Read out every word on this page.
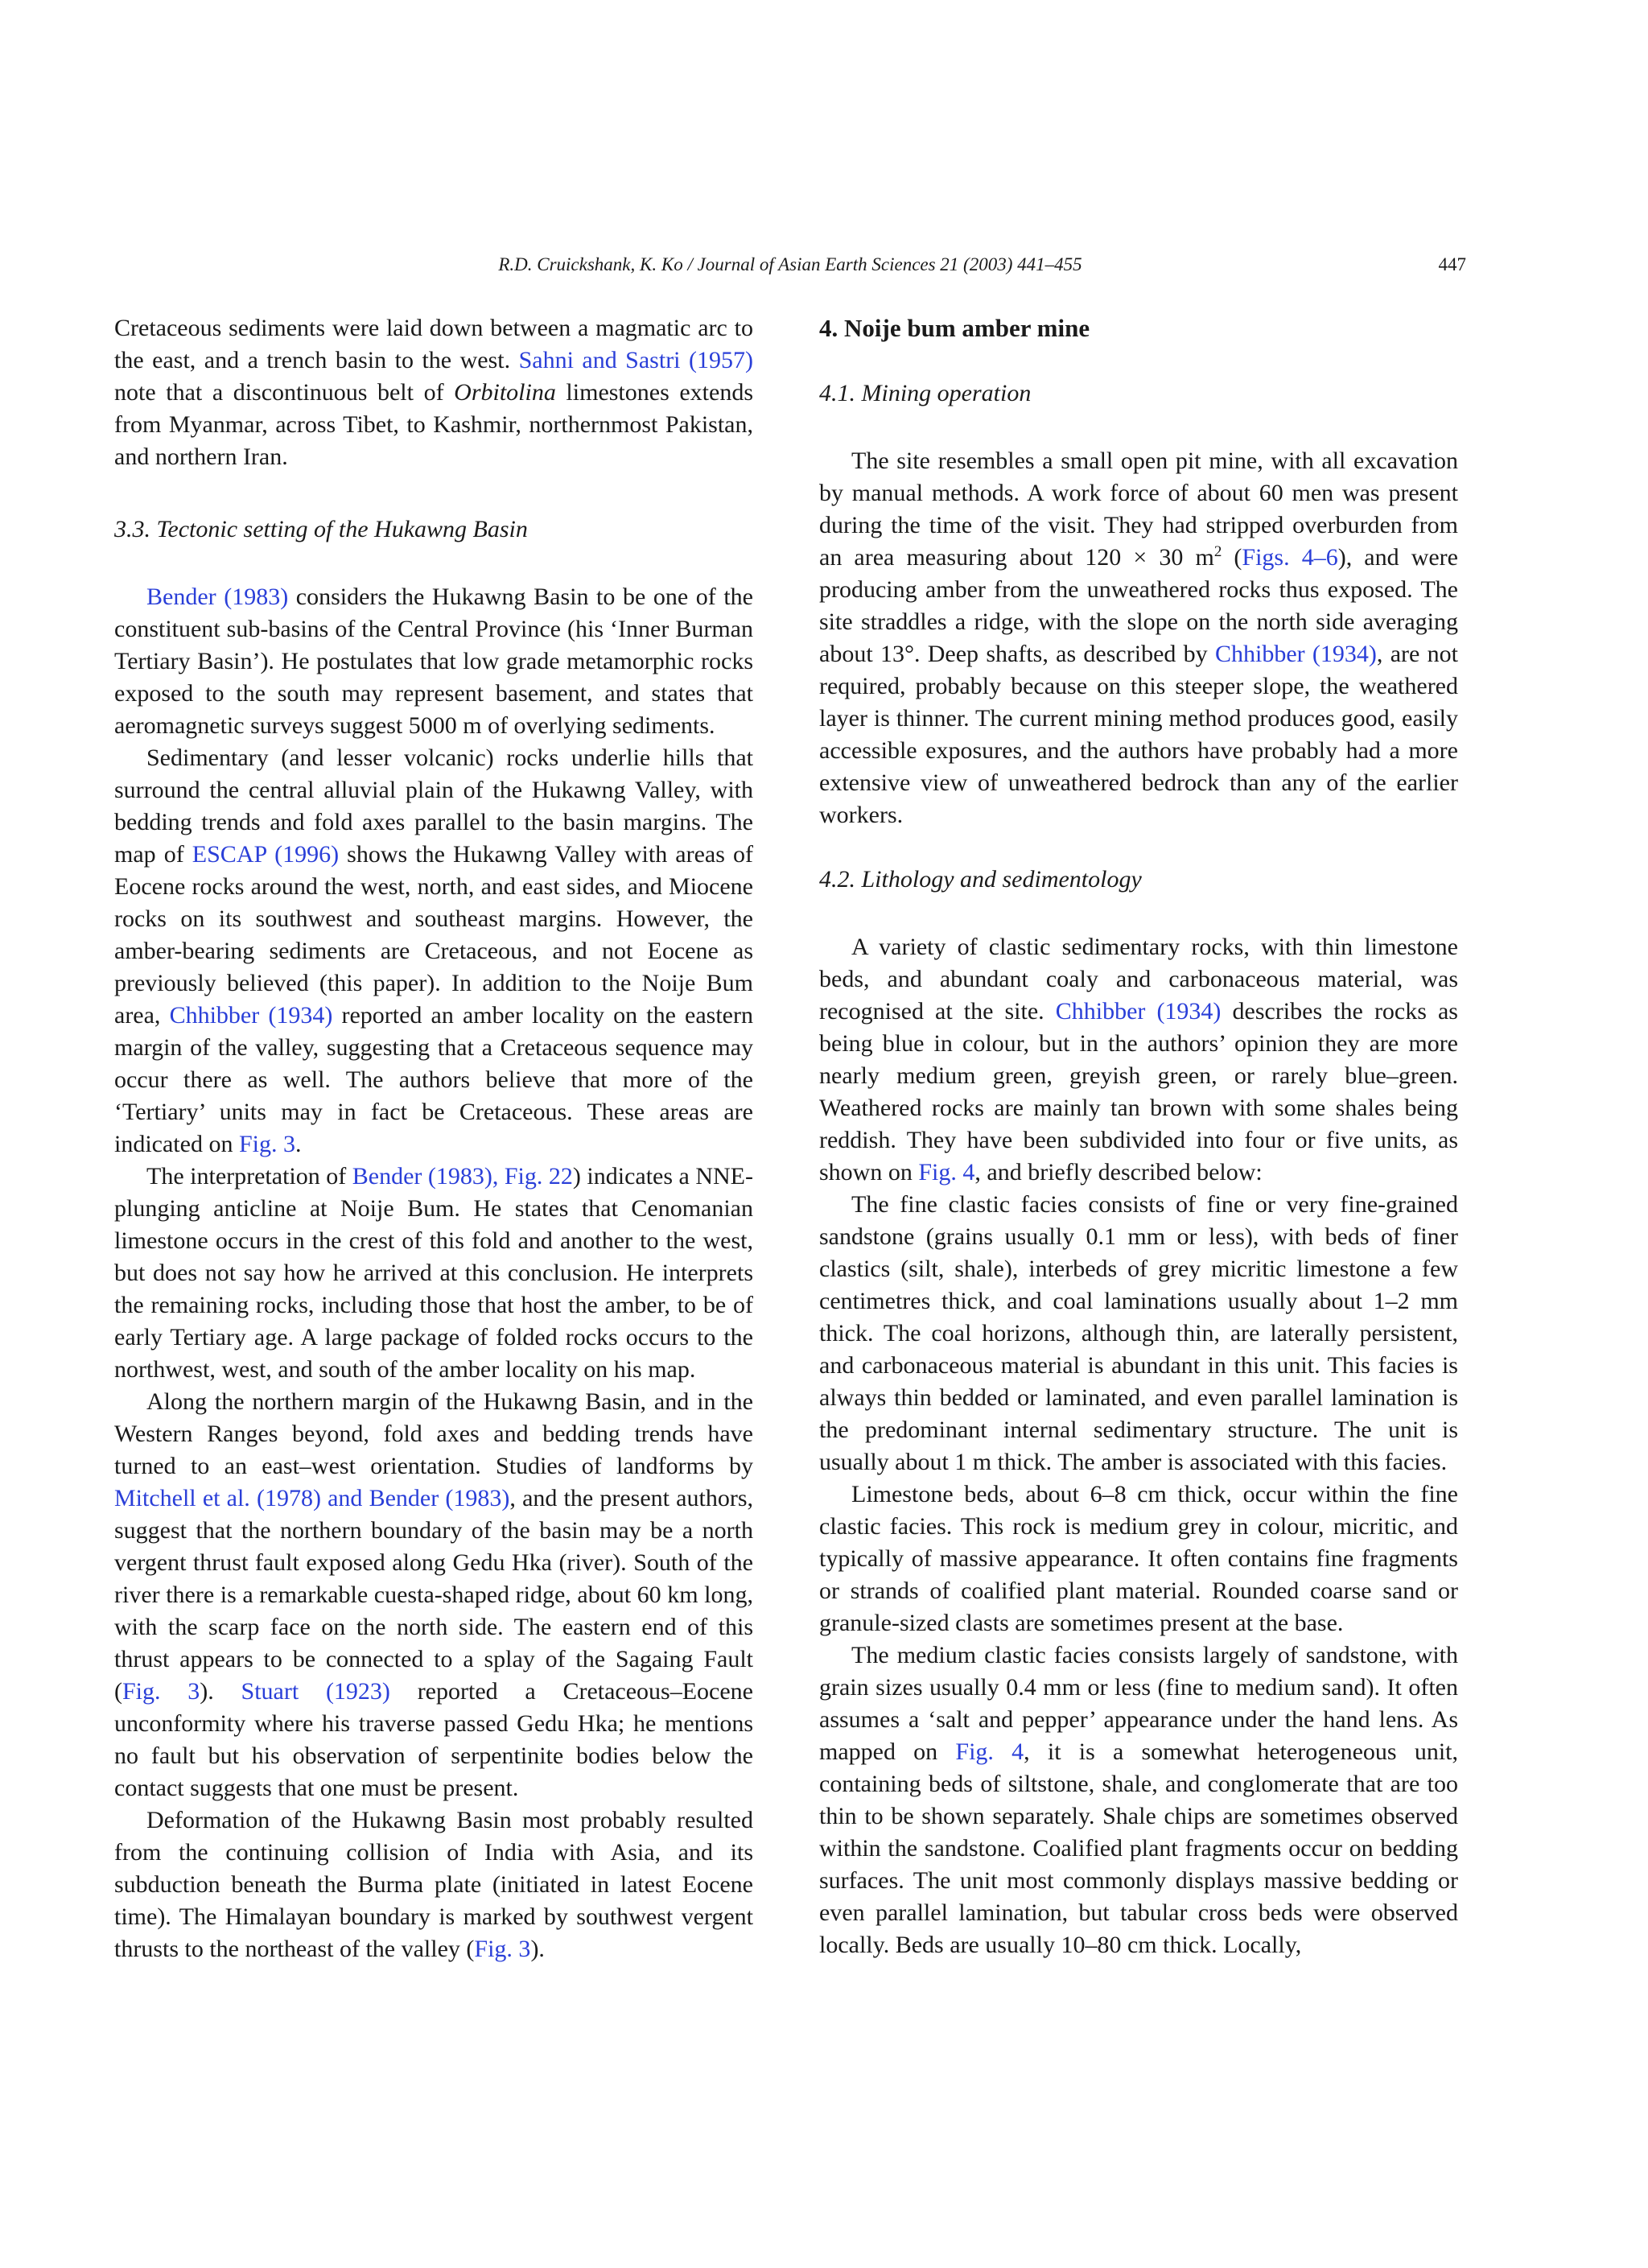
R.D. Cruickshank, K. Ko / Journal of Asian Earth Sciences 21 (2003) 441–455	447

Cretaceous sediments were laid down between a magmatic arc to the east, and a trench basin to the west. Sahni and Sastri (1957) note that a discontinuous belt of Orbitolina limestones extends from Myanmar, across Tibet, to Kashmir, northernmost Pakistan, and northern Iran.

3.3. Tectonic setting of the Hukawng Basin

Bender (1983) considers the Hukawng Basin to be one of the constituent sub-basins of the Central Province (his ‘Inner Burman Tertiary Basin’). He postulates that low grade metamorphic rocks exposed to the south may represent basement, and states that aeromagnetic surveys suggest 5000 m of overlying sediments.

Sedimentary (and lesser volcanic) rocks underlie hills that surround the central alluvial plain of the Hukawng Valley, with bedding trends and fold axes parallel to the basin margins. The map of ESCAP (1996) shows the Hukawng Valley with areas of Eocene rocks around the west, north, and east sides, and Miocene rocks on its southwest and southeast margins. However, the amber-bearing sediments are Cretaceous, and not Eocene as previously believed (this paper). In addition to the Noije Bum area, Chhibber (1934) reported an amber locality on the eastern margin of the valley, suggesting that a Cretaceous sequence may occur there as well. The authors believe that more of the ‘Tertiary’ units may in fact be Cretaceous. These areas are indicated on Fig. 3.

The interpretation of Bender (1983), Fig. 22) indicates a NNE-plunging anticline at Noije Bum. He states that Cenomanian limestone occurs in the crest of this fold and another to the west, but does not say how he arrived at this conclusion. He interprets the remaining rocks, including those that host the amber, to be of early Tertiary age. A large package of folded rocks occurs to the northwest, west, and south of the amber locality on his map.

Along the northern margin of the Hukawng Basin, and in the Western Ranges beyond, fold axes and bedding trends have turned to an east–west orientation. Studies of landforms by Mitchell et al. (1978) and Bender (1983), and the present authors, suggest that the northern boundary of the basin may be a north vergent thrust fault exposed along Gedu Hka (river). South of the river there is a remarkable cuesta-shaped ridge, about 60 km long, with the scarp face on the north side. The eastern end of this thrust appears to be connected to a splay of the Sagaing Fault (Fig. 3). Stuart (1923) reported a Cretaceous–Eocene unconformity where his traverse passed Gedu Hka; he mentions no fault but his observation of serpentinite bodies below the contact suggests that one must be present.

Deformation of the Hukawng Basin most probably resulted from the continuing collision of India with Asia, and its subduction beneath the Burma plate (initiated in latest Eocene time). The Himalayan boundary is marked by southwest vergent thrusts to the northeast of the valley (Fig. 3).

4. Noije bum amber mine
4.1. Mining operation

The site resembles a small open pit mine, with all excavation by manual methods. A work force of about 60 men was present during the time of the visit. They had stripped overburden from an area measuring about 120 × 30 $m^2$ (Figs. 4–6), and were producing amber from the unweathered rocks thus exposed. The site straddles a ridge, with the slope on the north side averaging about 13°. Deep shafts, as described by Chhibber (1934), are not required, probably because on this steeper slope, the weathered layer is thinner. The current mining method produces good, easily accessible exposures, and the authors have probably had a more extensive view of unweathered bedrock than any of the earlier workers.

4.2. Lithology and sedimentology

A variety of clastic sedimentary rocks, with thin limestone beds, and abundant coaly and carbonaceous material, was recognised at the site. Chhibber (1934) describes the rocks as being blue in colour, but in the authors’ opinion they are more nearly medium green, greyish green, or rarely blue–green. Weathered rocks are mainly tan brown with some shales being reddish. They have been subdivided into four or five units, as shown on Fig. 4, and briefly described below:

The fine clastic facies consists of fine or very fine-grained sandstone (grains usually 0.1 mm or less), with beds of finer clastics (silt, shale), interbeds of grey micritic limestone a few centimetres thick, and coal laminations usually about 1–2 mm thick. The coal horizons, although thin, are laterally persistent, and carbonaceous material is abundant in this unit. This facies is always thin bedded or laminated, and even parallel lamination is the predominant internal sedimentary structure. The unit is usually about 1 m thick. The amber is associated with this facies.

Limestone beds, about 6–8 cm thick, occur within the fine clastic facies. This rock is medium grey in colour, micritic, and typically of massive appearance. It often contains fine fragments or strands of coalified plant material. Rounded coarse sand or granule-sized clasts are sometimes present at the base.

The medium clastic facies consists largely of sandstone, with grain sizes usually 0.4 mm or less (fine to medium sand). It often assumes a ‘salt and pepper’ appearance under the hand lens. As mapped on Fig. 4, it is a somewhat heterogeneous unit, containing beds of siltstone, shale, and conglomerate that are too thin to be shown separately. Shale chips are sometimes observed within the sandstone. Coalified plant fragments occur on bedding surfaces. The unit most commonly displays massive bedding or even parallel lamination, but tabular cross beds were observed locally. Beds are usually 10–80 cm thick. Locally,
